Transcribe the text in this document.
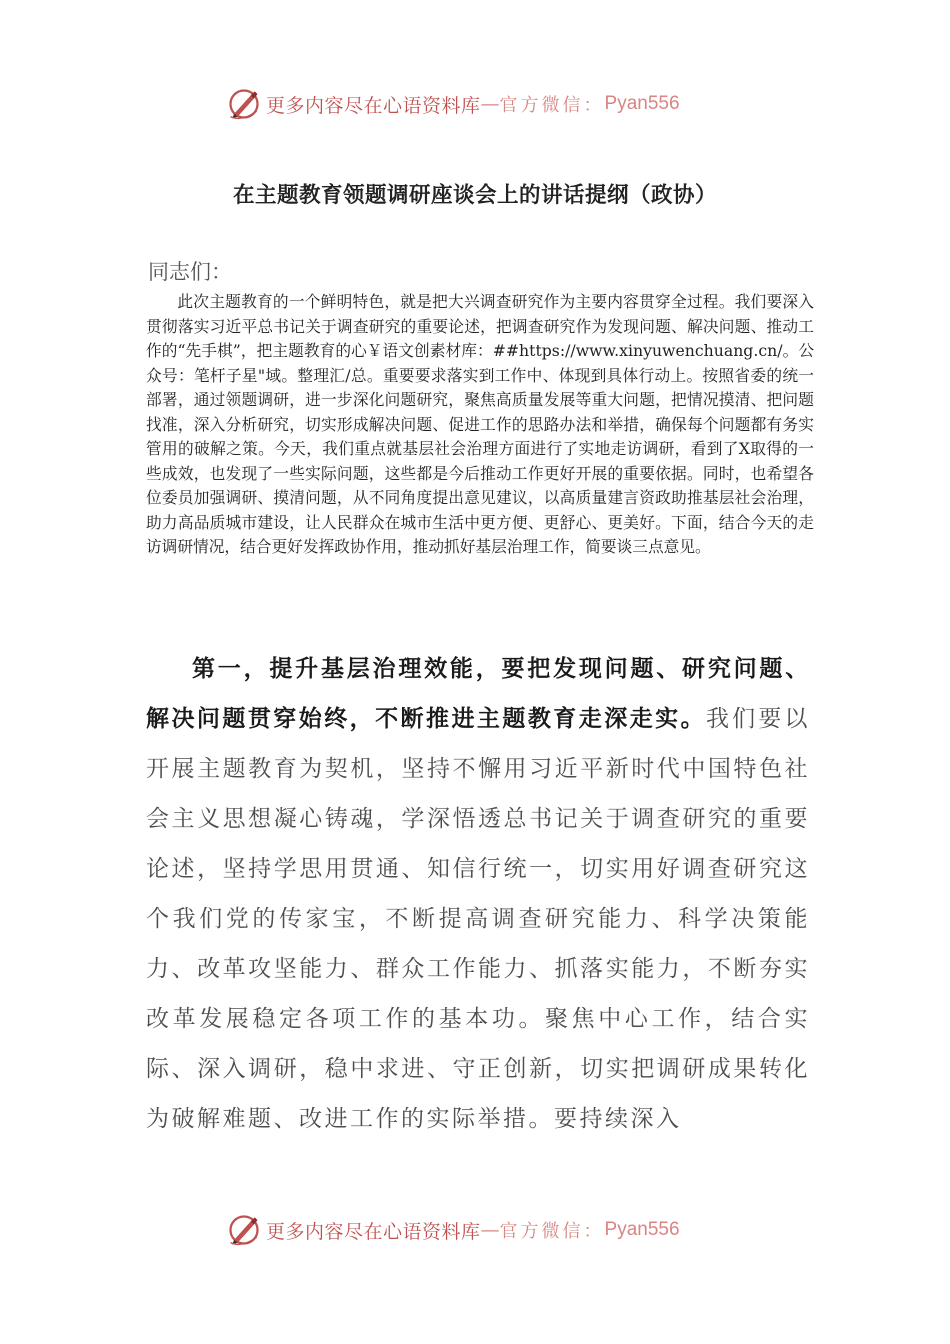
更多内容尽在心语资料库 — 官方微信： Pyan556
在主题教育领题调研座谈会上的讲话提纲（政协）
同志们：
此次主题教育的一个鲜明特色，就是把大兴调查研究作为主要内容贯穿全过程。我们要深入贯彻落实习近平总书记关于调查研究的重要论述，把调查研究作为发现问题、解决问题、推动工作的“先手棋”，把主题教育的心￥语文创素材库：##https://www.xinyuwenchuang.cn/。公众号：笔杆子星"域。整理汇/总。重要要求落实到工作中、体现到具体行动上。按照省委的统一部署，通过领题调研，进一步深化问题研究，聚焦高质量发展等重大问题，把情况摸清、把问题找准，深入分析研究，切实形成解决问题、促进工作的思路办法和举措，确保每个问题都有务实管用的破解之策。今天，我们重点就基层社会治理方面进行了实地走访调研，看到了X取得的一些成效，也发现了一些实际问题，这些都是今后推动工作更好开展的重要依据。同时，也希望各位委员加强调研、摸清问题，从不同角度提出意见建议，以高质量建言资政助推基层社会治理，助力高品质城市建设，让人民群众在城市生活中更方便、更舒心、更美好。下面，结合今天的走访调研情况，结合更好发挥政协作用，推动抓好基层治理工作，简要谈三点意见。
第一，提升基层治理效能，要把发现问题、研究问题、解决问题贯穿始终，不断推进主题教育走深走实。我们要以开展主题教育为契机，坚持不懈用习近平新时代中国特色社会主义思想凝心铸魂，学深悟透总书记关于调查研究的重要论述，坚持学思用贯通、知信行统一，切实用好调查研究这个我们党的传家宝，不断提高调查研究能力、科学决策能力、改革攻坚能力、群众工作能力、抓落实能力，不断夯实改革发展稳定各项工作的基本功。聚焦中心工作，结合实际、深入调研，稳中求进、守正创新，切实把调研成果转化为破解难题、改进工作的实际举措。要持续深入
更多内容尽在心语资料库 — 官方微信： Pyan556
